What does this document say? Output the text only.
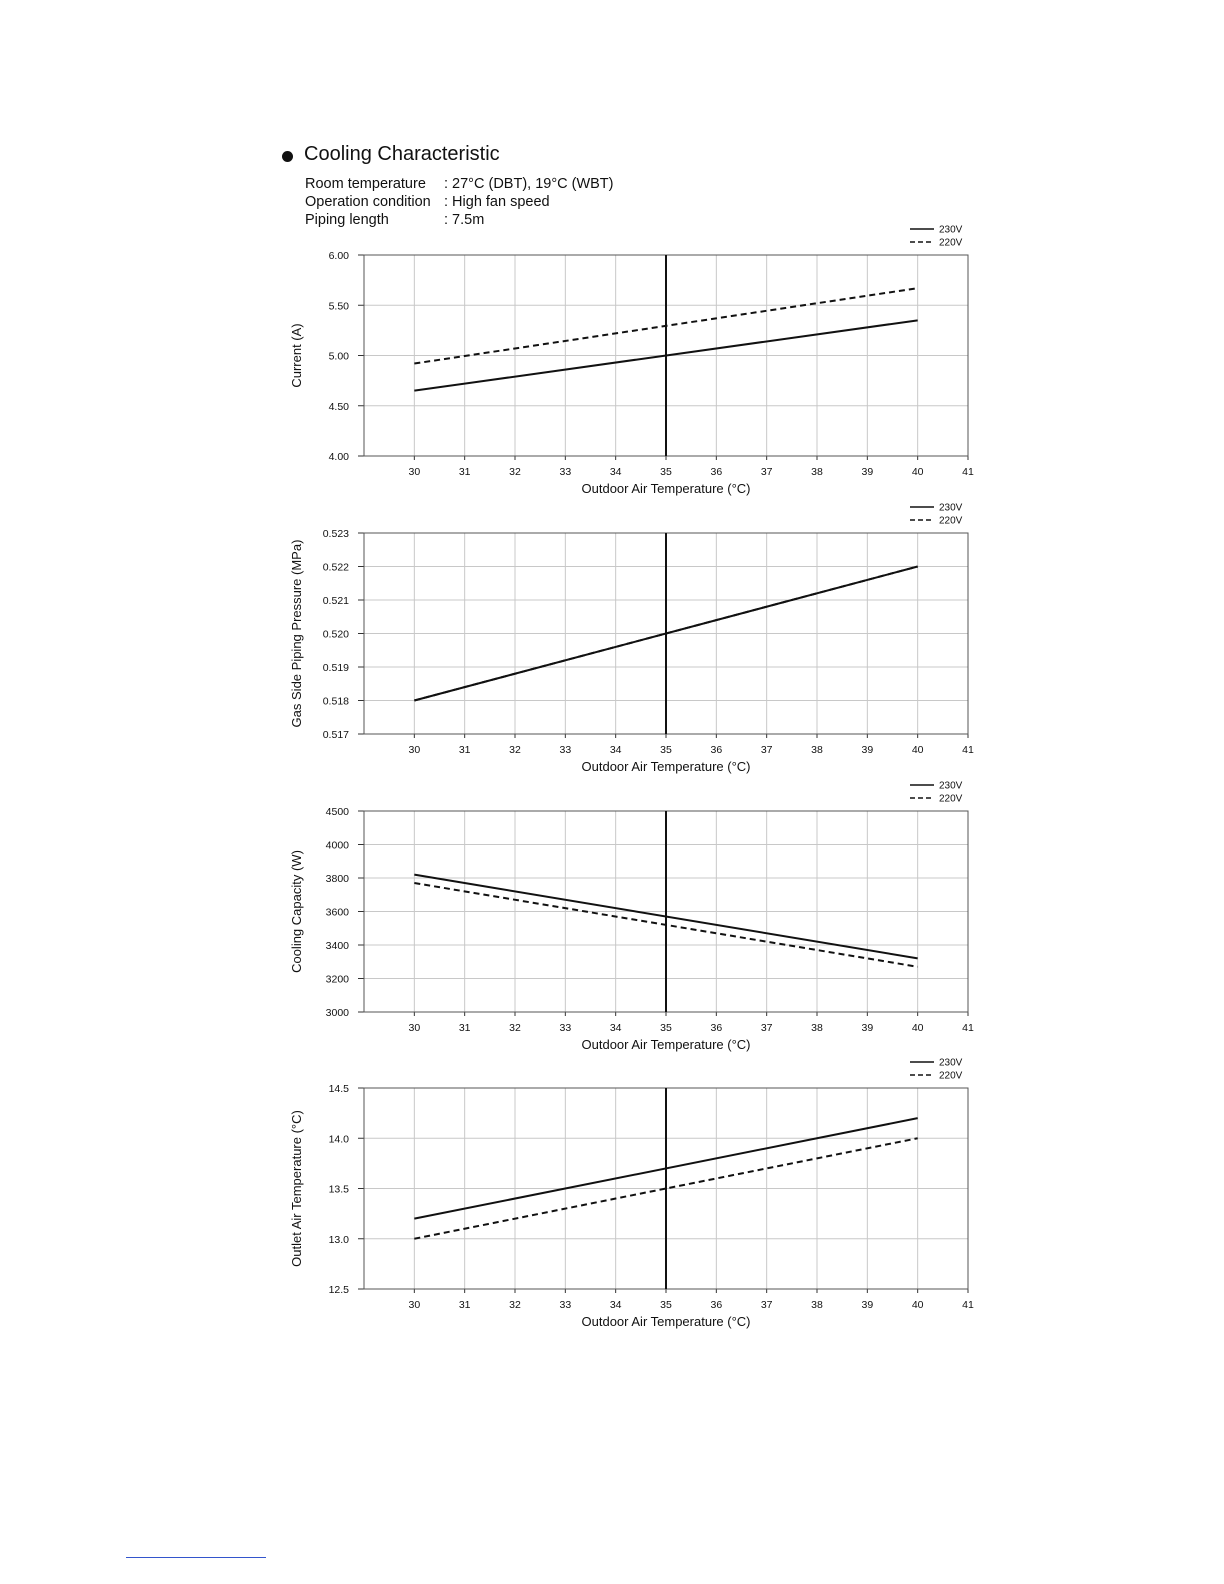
Cooling Characteristic
Room temperature : 27°C (DBT), 19°C (WBT)
Operation condition : High fan speed
Piping length	: 7.5m
230V
220V
30	31	32	33	34	35	36	37	38	39	40	41
4.00
4.50
5.00
5.50
6.00
Outdoor Air Temperature (°C)
Current (A)
230V
220V
30	31	32	33	34	35	36	37	38	39	40	41
0.517
0.518
0.519
0.520
0.521
0.522
0.523
Outdoor Air Temperature (°C)
Gas Side Piping Pressure (MPa)
230V
220V
30	31	32	33	34	35	36	37	38	39	40	41
3000
3200
3400
3600
3800
4000
4500
Outdoor Air Temperature (°C)
Cooling Capacity (W)
230V
220V
30	31	32	33	34	35	36	37	38	39	40	41
12.5
13.0
13.5
14.0
14.5
Outdoor Air Temperature (°C)
Outlet Air Temperature (°C)
